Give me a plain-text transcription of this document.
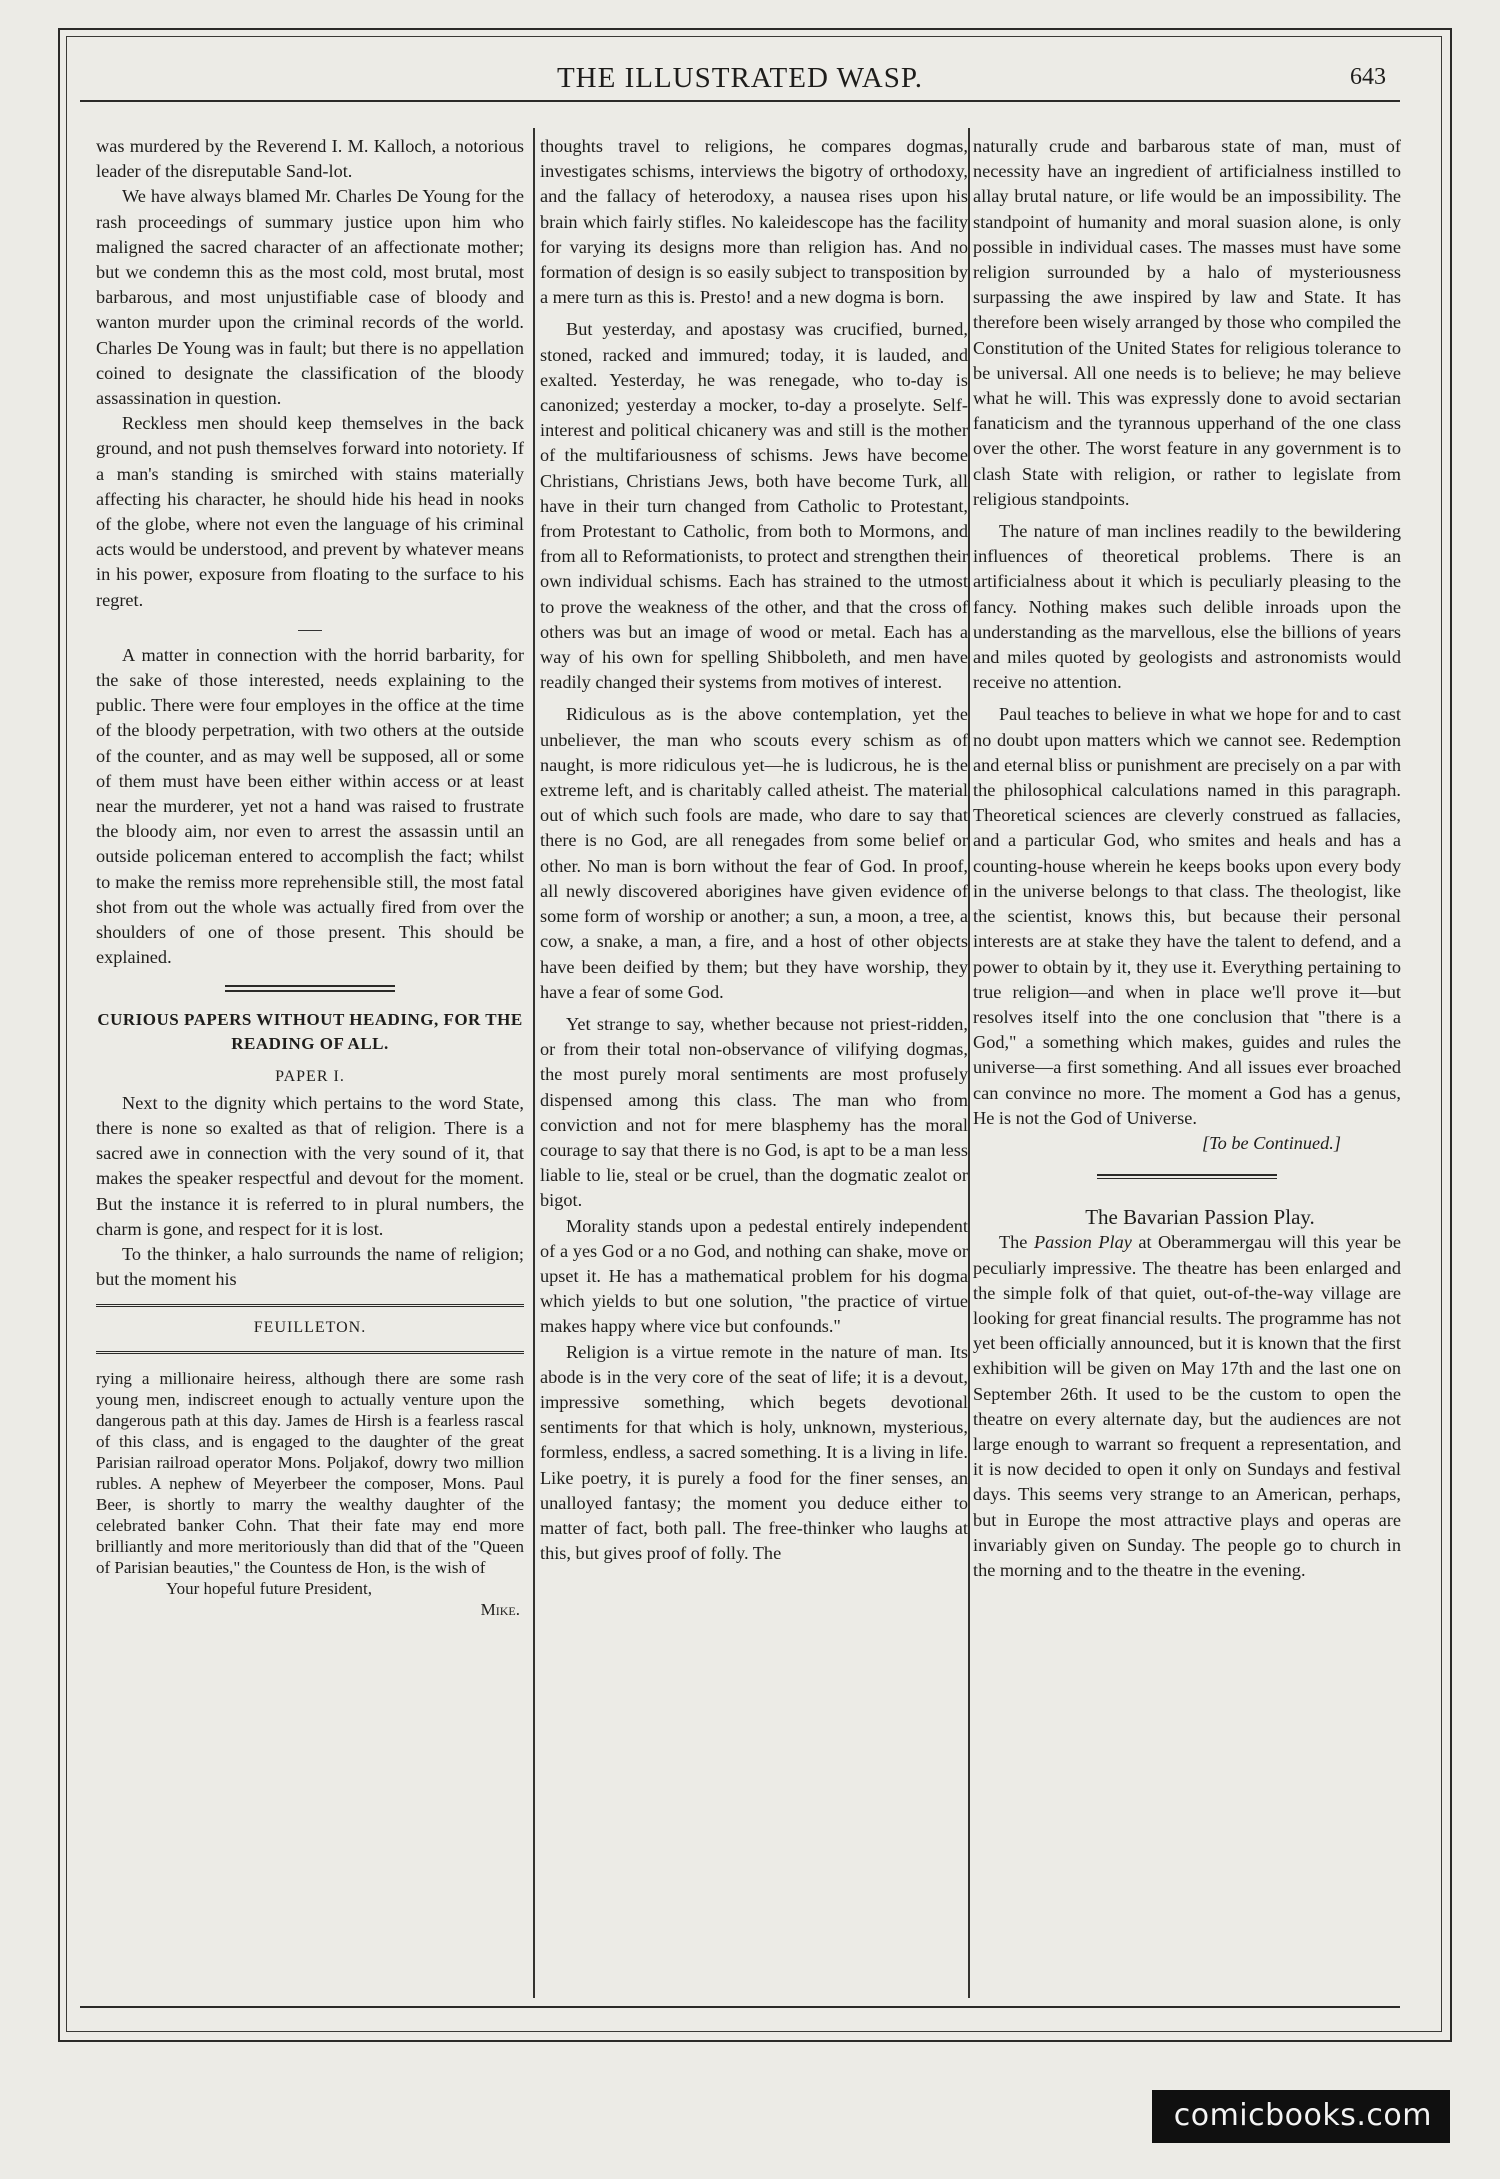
THE ILLUSTRATED WASP.	643

was murdered by the Reverend I. M. Kalloch, a notorious leader of the disreputable Sand-lot.

We have always blamed Mr. Charles De Young for the rash proceedings of summary justice upon him who maligned the sacred character of an affectionate mother; but we condemn this as the most cold, most brutal, most barbarous, and most unjustifiable case of bloody and wanton murder upon the criminal records of the world. Charles De Young was in fault; but there is no appellation coined to designate the classification of the bloody assassination in question.

Reckless men should keep themselves in the back ground, and not push themselves forward into notoriety. If a man's standing is smirched with stains materially affecting his character, he should hide his head in nooks of the globe, where not even the language of his criminal acts would be understood, and prevent by whatever means in his power, exposure from floating to the surface to his regret.

A matter in connection with the horrid barbarity, for the sake of those interested, needs explaining to the public. There were four employes in the office at the time of the bloody perpetration, with two others at the outside of the counter, and as may well be supposed, all or some of them must have been either within access or at least near the murderer, yet not a hand was raised to frustrate the bloody aim, nor even to arrest the assassin until an outside policeman entered to accomplish the fact; whilst to make the remiss more reprehensible still, the most fatal shot from out the whole was actually fired from over the shoulders of one of those present. This should be explained.

CURIOUS PAPERS WITHOUT HEADING, FOR THE READING OF ALL.
PAPER I.

Next to the dignity which pertains to the word State, there is none so exalted as that of religion. There is a sacred awe in connection with the very sound of it, that makes the speaker respectful and devout for the moment. But the instance it is referred to in plural numbers, the charm is gone, and respect for it is lost.

To the thinker, a halo surrounds the name of religion; but the moment his

FEUILLETON.

rying a millionaire heiress, although there are some rash young men, indiscreet enough to actually venture upon the dangerous path at this day. James de Hirsh is a fearless rascal of this class, and is engaged to the daughter of the great Parisian railroad operator Mons. Poljakof, dowry two million rubles. A nephew of Meyerbeer the composer, Mons. Paul Beer, is shortly to marry the wealthy daughter of the celebrated banker Cohn. That their fate may end more brilliantly and more meritoriously than did that of the "Queen of Parisian beauties," the Countess de Hon, is the wish of

Your hopeful future President,

Mike.

thoughts travel to religions, he compares dogmas, investigates schisms, interviews the bigotry of orthodoxy, and the fallacy of heterodoxy, a nausea rises upon his brain which fairly stifles. No kaleidescope has the facility for varying its designs more than religion has. And no formation of design is so easily subject to transposition by a mere turn as this is. Presto! and a new dogma is born.

But yesterday, and apostasy was crucified, burned, stoned, racked and immured; today, it is lauded, and exalted. Yesterday, he was renegade, who to-day is canonized; yesterday a mocker, to-day a proselyte. Self-interest and political chicanery was and still is the mother of the multifariousness of schisms. Jews have become Christians, Christians Jews, both have become Turk, all have in their turn changed from Catholic to Protestant, from Protestant to Catholic, from both to Mormons, and from all to Reformationists, to protect and strengthen their own individual schisms. Each has strained to the utmost to prove the weakness of the other, and that the cross of others was but an image of wood or metal. Each has a way of his own for spelling Shibboleth, and men have readily changed their systems from motives of interest.

Ridiculous as is the above contemplation, yet the unbeliever, the man who scouts every schism as of naught, is more ridiculous yet—he is ludicrous, he is the extreme left, and is charitably called atheist. The material out of which such fools are made, who dare to say that there is no God, are all renegades from some belief or other. No man is born without the fear of God. In proof, all newly discovered aborigines have given evidence of some form of worship or another; a sun, a moon, a tree, a cow, a snake, a man, a fire, and a host of other objects have been deified by them; but they have worship, they have a fear of some God.

Yet strange to say, whether because not priest-ridden, or from their total non-observance of vilifying dogmas, the most purely moral sentiments are most profusely dispensed among this class. The man who from conviction and not for mere blasphemy has the moral courage to say that there is no God, is apt to be a man less liable to lie, steal or be cruel, than the dogmatic zealot or bigot.

Morality stands upon a pedestal entirely independent of a yes God or a no God, and nothing can shake, move or upset it. He has a mathematical problem for his dogma which yields to but one solution, "the practice of virtue makes happy where vice but confounds."

Religion is a virtue remote in the nature of man. Its abode is in the very core of the seat of life; it is a devout, impressive something, which begets devotional sentiments for that which is holy, unknown, mysterious, formless, endless, a sacred something. It is a living in life. Like poetry, it is purely a food for the finer senses, an unalloyed fantasy; the moment you deduce either to matter of fact, both pall. The free-thinker who laughs at this, but gives proof of folly. The

naturally crude and barbarous state of man, must of necessity have an ingredient of artificialness instilled to allay brutal nature, or life would be an impossibility. The standpoint of humanity and moral suasion alone, is only possible in individual cases. The masses must have some religion surrounded by a halo of mysteriousness surpassing the awe inspired by law and State. It has therefore been wisely arranged by those who compiled the Constitution of the United States for religious tolerance to be universal. All one needs is to believe; he may believe what he will. This was expressly done to avoid sectarian fanaticism and the tyrannous upperhand of the one class over the other. The worst feature in any government is to clash State with religion, or rather to legislate from religious standpoints.

The nature of man inclines readily to the bewildering influences of theoretical problems. There is an artificialness about it which is peculiarly pleasing to the fancy. Nothing makes such delible inroads upon the understanding as the marvellous, else the billions of years and miles quoted by geologists and astronomists would receive no attention.

Paul teaches to believe in what we hope for and to cast no doubt upon matters which we cannot see. Redemption and eternal bliss or punishment are precisely on a par with the philosophical calculations named in this paragraph. Theoretical sciences are cleverly construed as fallacies, and a particular God, who smites and heals and has a counting-house wherein he keeps books upon every body in the universe belongs to that class. The theologist, like the scientist, knows this, but because their personal interests are at stake they have the talent to defend, and a power to obtain by it, they use it. Everything pertaining to true religion—and when in place we'll prove it—but resolves itself into the one conclusion that "there is a God," a something which makes, guides and rules the universe—a first something. And all issues ever broached can convince no more. The moment a God has a genus, He is not the God of Universe.

[To be Continued.]

The Bavarian Passion Play.

The Passion Play at Oberammergau will this year be peculiarly impressive. The theatre has been enlarged and the simple folk of that quiet, out-of-the-way village are looking for great financial results. The programme has not yet been officially announced, but it is known that the first exhibition will be given on May 17th and the last one on September 26th. It used to be the custom to open the theatre on every alternate day, but the audiences are not large enough to warrant so frequent a representation, and it is now decided to open it only on Sundays and festival days. This seems very strange to an American, perhaps, but in Europe the most attractive plays and operas are invariably given on Sunday. The people go to church in the morning and to the theatre in the evening.

comicbooks.com
